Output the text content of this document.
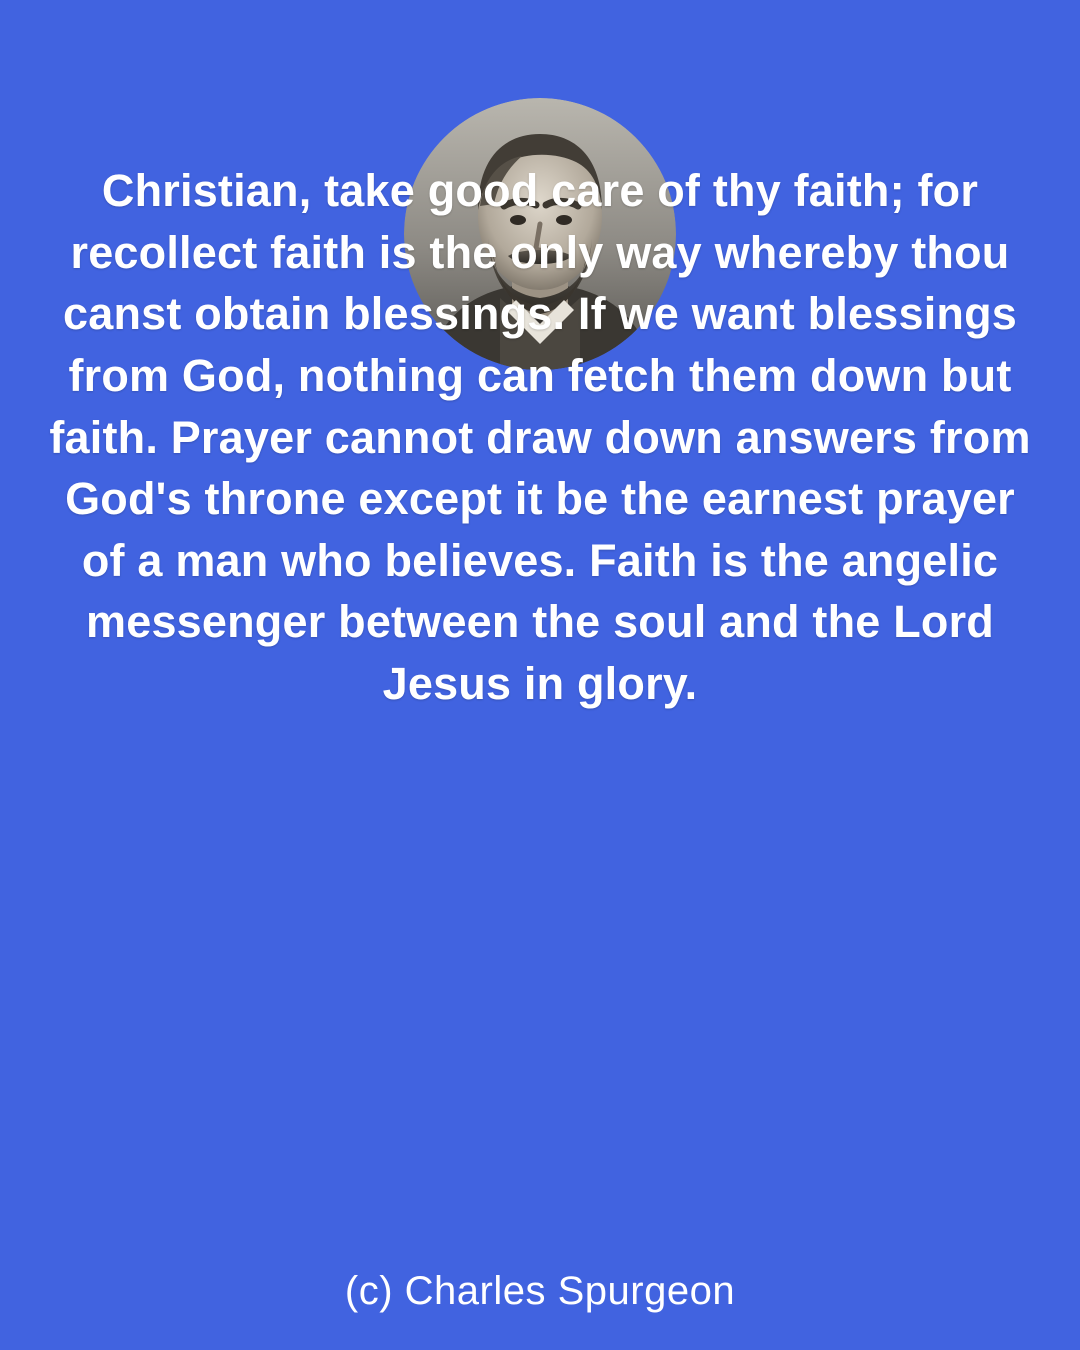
Christian, take good care of thy faith; for recollect faith is the only way whereby thou canst obtain blessings. If we want blessings from God, nothing can fetch them down but faith. Prayer cannot draw down answers from God's throne except it be the earnest prayer of a man who believes. Faith is the angelic messenger between the soul and the Lord Jesus in glory.
(c) Charles Spurgeon
